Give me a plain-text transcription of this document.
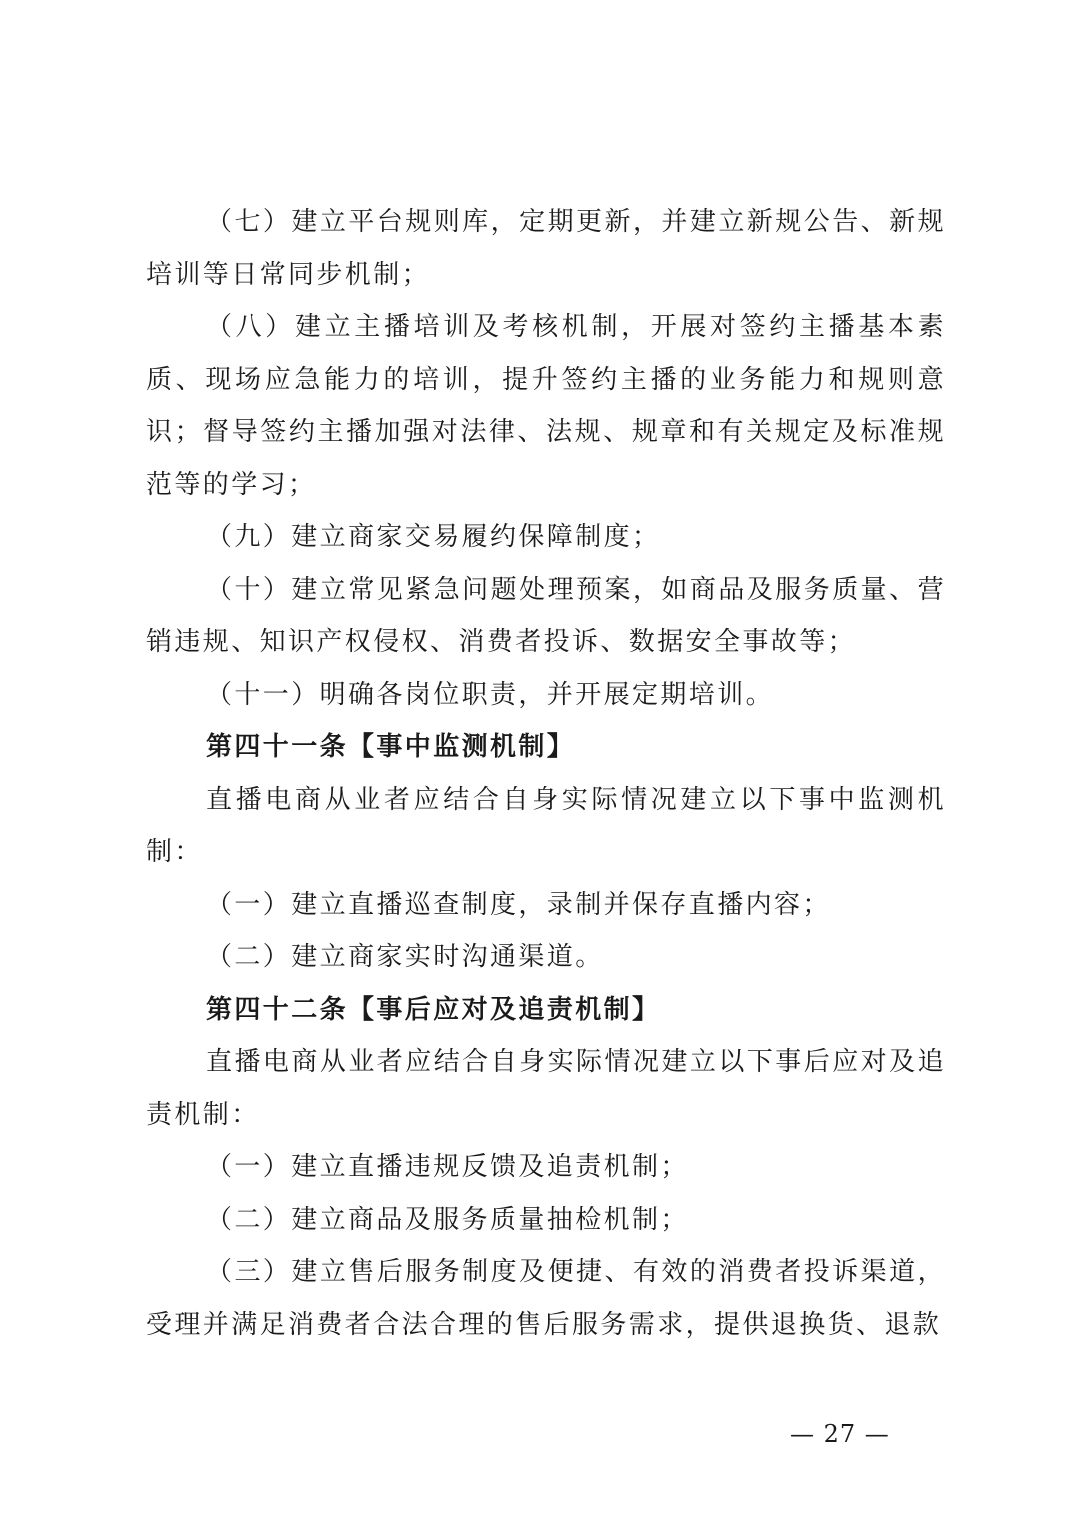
（七）建立平台规则库，定期更新，并建立新规公告、新规培训等日常同步机制；

（八）建立主播培训及考核机制，开展对签约主播基本素质、现场应急能力的培训，提升签约主播的业务能力和规则意识；督导签约主播加强对法律、法规、规章和有关规定及标准规范等的学习；

（九）建立商家交易履约保障制度；

（十）建立常见紧急问题处理预案，如商品及服务质量、营销违规、知识产权侵权、消费者投诉、数据安全事故等；

（十一）明确各岗位职责，并开展定期培训。

第四十一条【事中监测机制】

直播电商从业者应结合自身实际情况建立以下事中监测机制：

（一）建立直播巡查制度，录制并保存直播内容；

（二）建立商家实时沟通渠道。

第四十二条【事后应对及追责机制】

直播电商从业者应结合自身实际情况建立以下事后应对及追责机制：

（一）建立直播违规反馈及追责机制；

（二）建立商品及服务质量抽检机制；

（三）建立售后服务制度及便捷、有效的消费者投诉渠道，受理并满足消费者合法合理的售后服务需求，提供退换货、退款

— 27 —
